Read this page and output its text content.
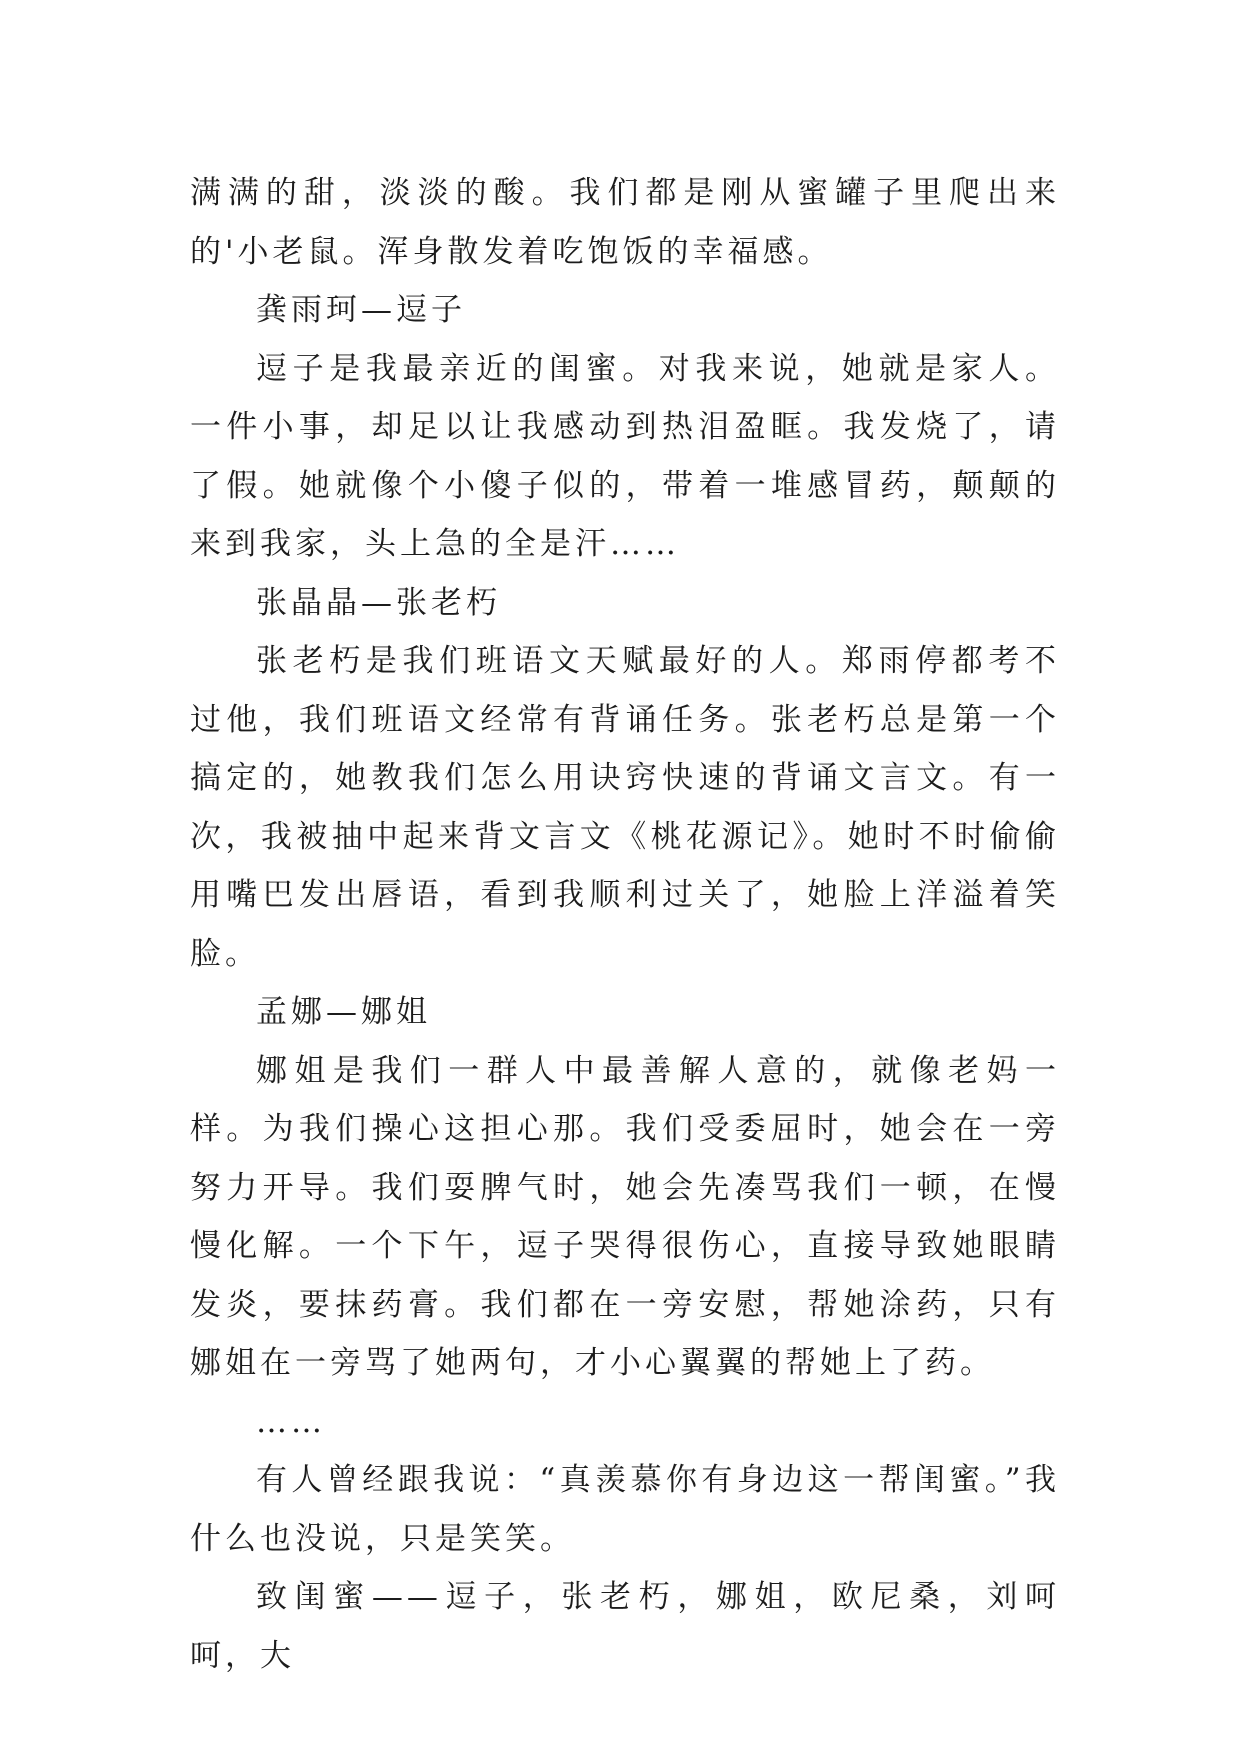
满满的甜，淡淡的酸。我们都是刚从蜜罐子里爬出来的'小老鼠。浑身散发着吃饱饭的幸福感。

龚雨珂—逗子

逗子是我最亲近的闺蜜。对我来说，她就是家人。一件小事，却足以让我感动到热泪盈眶。我发烧了，请了假。她就像个小傻子似的，带着一堆感冒药，颠颠的来到我家，头上急的全是汗……

张晶晶—张老朽

张老朽是我们班语文天赋最好的人。郑雨停都考不过他，我们班语文经常有背诵任务。张老朽总是第一个搞定的，她教我们怎么用诀窍快速的背诵文言文。有一次，我被抽中起来背文言文《桃花源记》。她时不时偷偷用嘴巴发出唇语，看到我顺利过关了，她脸上洋溢着笑脸。

孟娜—娜姐

娜姐是我们一群人中最善解人意的，就像老妈一样。为我们操心这担心那。我们受委屈时，她会在一旁努力开导。我们耍脾气时，她会先凑骂我们一顿，在慢慢化解。一个下午，逗子哭得很伤心，直接导致她眼睛发炎，要抹药膏。我们都在一旁安慰，帮她涂药，只有娜姐在一旁骂了她两句，才小心翼翼的帮她上了药。

……

有人曾经跟我说：“真羡慕你有身边这一帮闺蜜。”我什么也没说，只是笑笑。

致闺蜜——逗子，张老朽，娜姐，欧尼桑，刘呵呵，大
